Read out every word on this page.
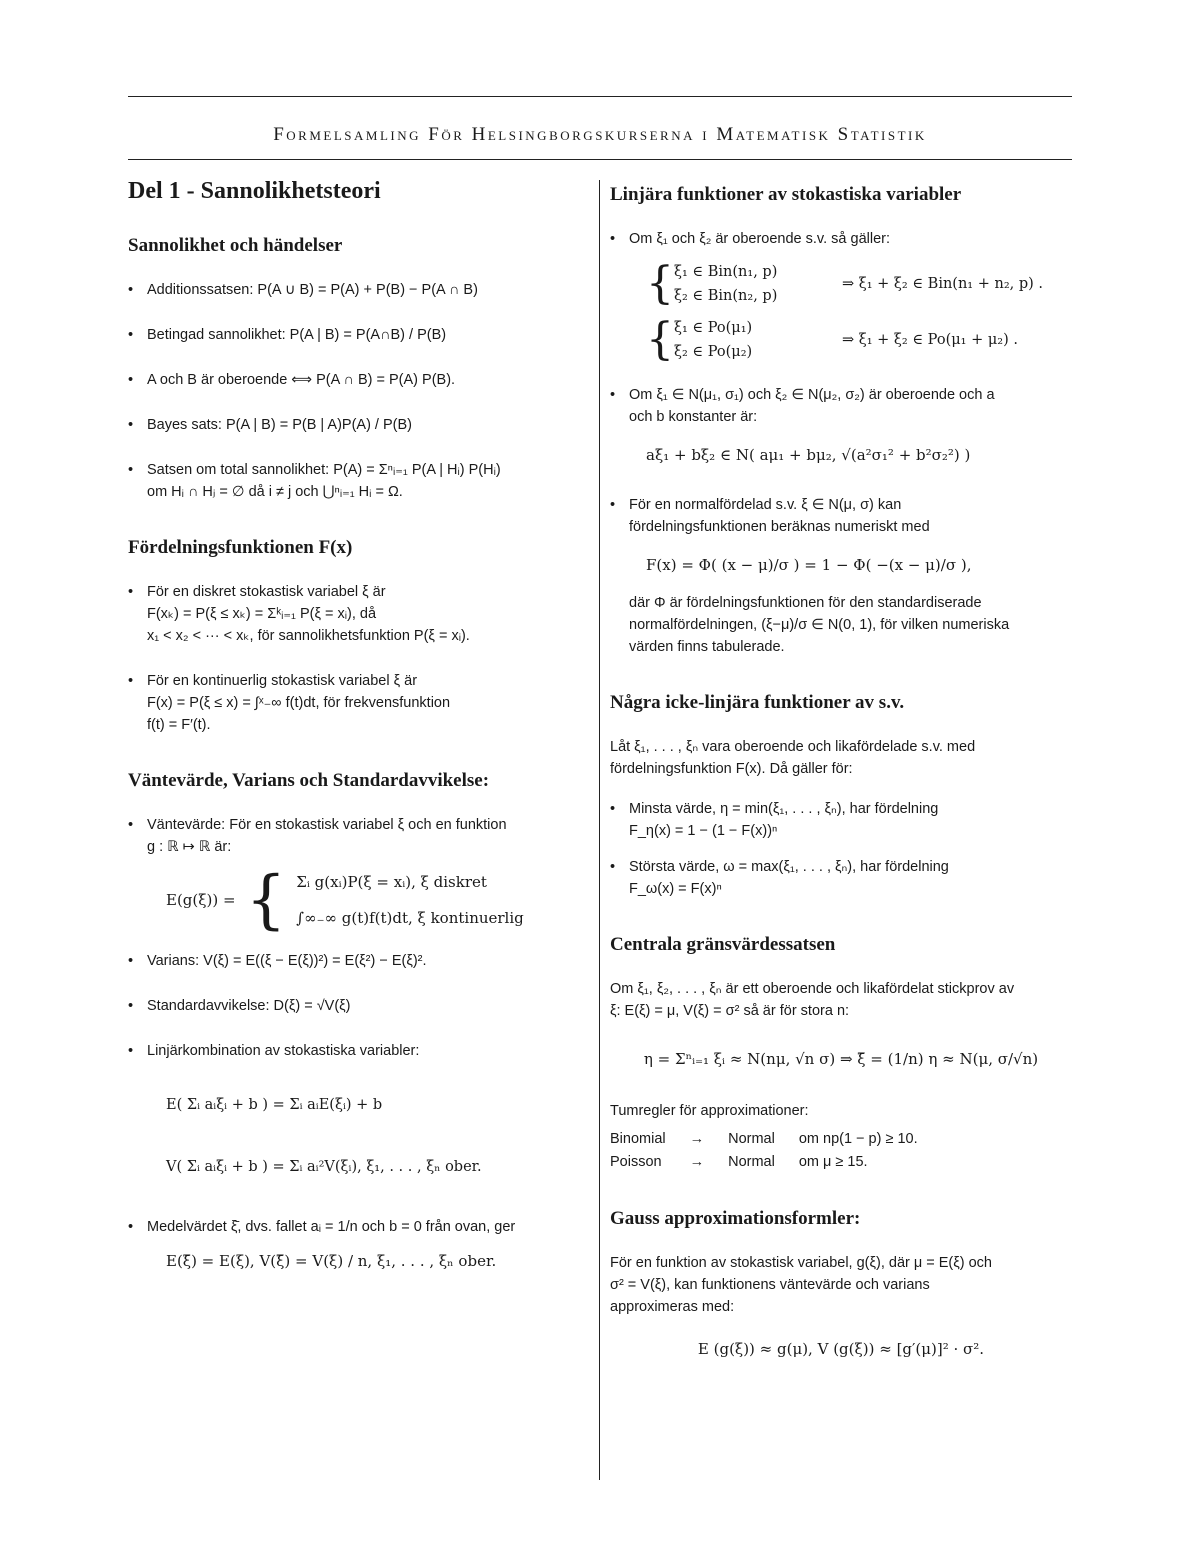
Formelsamling För Helsingborgskurserna i Matematisk Statistik
Del 1 - Sannolikhetsteori
Sannolikhet och händelser
• Additionssatsen: P(A ∪ B) = P(A) + P(B) − P(A ∩ B)
• Betingad sannolikhet: P(A | B) = P(A∩B) / P(B)
• A och B är oberoende ⟺ P(A ∩ B) = P(A) P(B).
• Bayes sats: P(A | B) = P(B | A)P(A) / P(B)
• Satsen om total sannolikhet: P(A) = Σⁿᵢ₌₁ P(A | Hᵢ) P(Hᵢ)
om Hᵢ ∩ Hⱼ = ∅ då i ≠ j och ⋃ⁿᵢ₌₁ Hᵢ = Ω.
Fördelningsfunktionen F(x)
• För en diskret stokastisk variabel ξ är
F(xₖ) = P(ξ ≤ xₖ) = Σᵏᵢ₌₁ P(ξ = xᵢ), då
x₁ < x₂ < ··· < xₖ, för sannolikhetsfunktion P(ξ = xᵢ).
• För en kontinuerlig stokastisk variabel ξ är
F(x) = P(ξ ≤ x) = ∫ˣ₋∞ f(t)dt, för frekvensfunktion
f(t) = F′(t).
Väntevärde, Varians och Standardavvikelse:
• Väntevärde: För en stokastisk variabel ξ och en funktion
g : ℝ ↦ ℝ är:
E(g(ξ)) = { Σᵢ g(xᵢ)P(ξ = xᵢ), ξ diskret
∫∞₋∞ g(t)f(t)dt, ξ kontinuerlig
• Varians: V(ξ) = E((ξ − E(ξ))²) = E(ξ²) − E(ξ)².
• Standardavvikelse: D(ξ) = √V(ξ)
• Linjärkombination av stokastiska variabler:
E( Σᵢ aᵢξᵢ + b ) = Σᵢ aᵢE(ξᵢ) + b
V( Σᵢ aᵢξᵢ + b ) = Σᵢ aᵢ²V(ξᵢ), ξ₁, . . . , ξₙ ober.
• Medelvärdet ξ̄, dvs. fallet aᵢ = 1/n och b = 0 från ovan, ger
E(ξ̄) = E(ξ), V(ξ̄) = V(ξ) / n, ξ₁, . . . , ξₙ ober.
Linjära funktioner av stokastiska variabler
• Om ξ₁ och ξ₂ är oberoende s.v. så gäller:
{ ξ₁ ∈ Bin(n₁, p)
ξ₂ ∈ Bin(n₂, p)
⇒ ξ₁ + ξ₂ ∈ Bin(n₁ + n₂, p) .
{ ξ₁ ∈ Po(μ₁)
ξ₂ ∈ Po(μ₂)
⇒ ξ₁ + ξ₂ ∈ Po(μ₁ + μ₂) .
• Om ξ₁ ∈ N(μ₁, σ₁) och ξ₂ ∈ N(μ₂, σ₂) är oberoende och a
och b konstanter är:
aξ₁ + bξ₂ ∈ N( aμ₁ + bμ₂, √(a²σ₁² + b²σ₂²) )
• För en normalfördelad s.v. ξ ∈ N(μ, σ) kan
fördelningsfunktionen beräknas numeriskt med
F(x) = Φ( (x − μ)/σ ) = 1 − Φ( −(x − μ)/σ ),
där Φ är fördelningsfunktionen för den standardiserade
normalfördelningen, (ξ−μ)/σ ∈ N(0, 1), för vilken numeriska
värden finns tabulerade.
Några icke-linjära funktioner av s.v.
Låt ξ₁, . . . , ξₙ vara oberoende och likafördelade s.v. med
fördelningsfunktion F(x). Då gäller för:
• Minsta värde, η = min(ξ₁, . . . , ξₙ), har fördelning
F_η(x) = 1 − (1 − F(x))ⁿ
• Största värde, ω = max(ξ₁, . . . , ξₙ), har fördelning
F_ω(x) = F(x)ⁿ
Centrala gränsvärdessatsen
Om ξ₁, ξ₂, . . . , ξₙ är ett oberoende och likafördelat stickprov av
ξ: E(ξ) = μ, V(ξ) = σ² så är för stora n:
η = Σⁿᵢ₌₁ ξᵢ ≈ N(nμ, √n σ) ⇒ ξ̄ = (1/n) η ≈ N(μ, σ/√n)
Tumregler för approximationer:
Binomial	→	Normal	om np(1 − p) ≥ 10.
Poisson	→	Normal	om μ ≥ 15.
Gauss approximationsformler:
För en funktion av stokastisk variabel, g(ξ), där μ = E(ξ) och
σ² = V(ξ), kan funktionens väntevärde och varians
approximeras med:
E (g(ξ)) ≈ g(μ), V (g(ξ)) ≈ [g′(μ)]² · σ².
